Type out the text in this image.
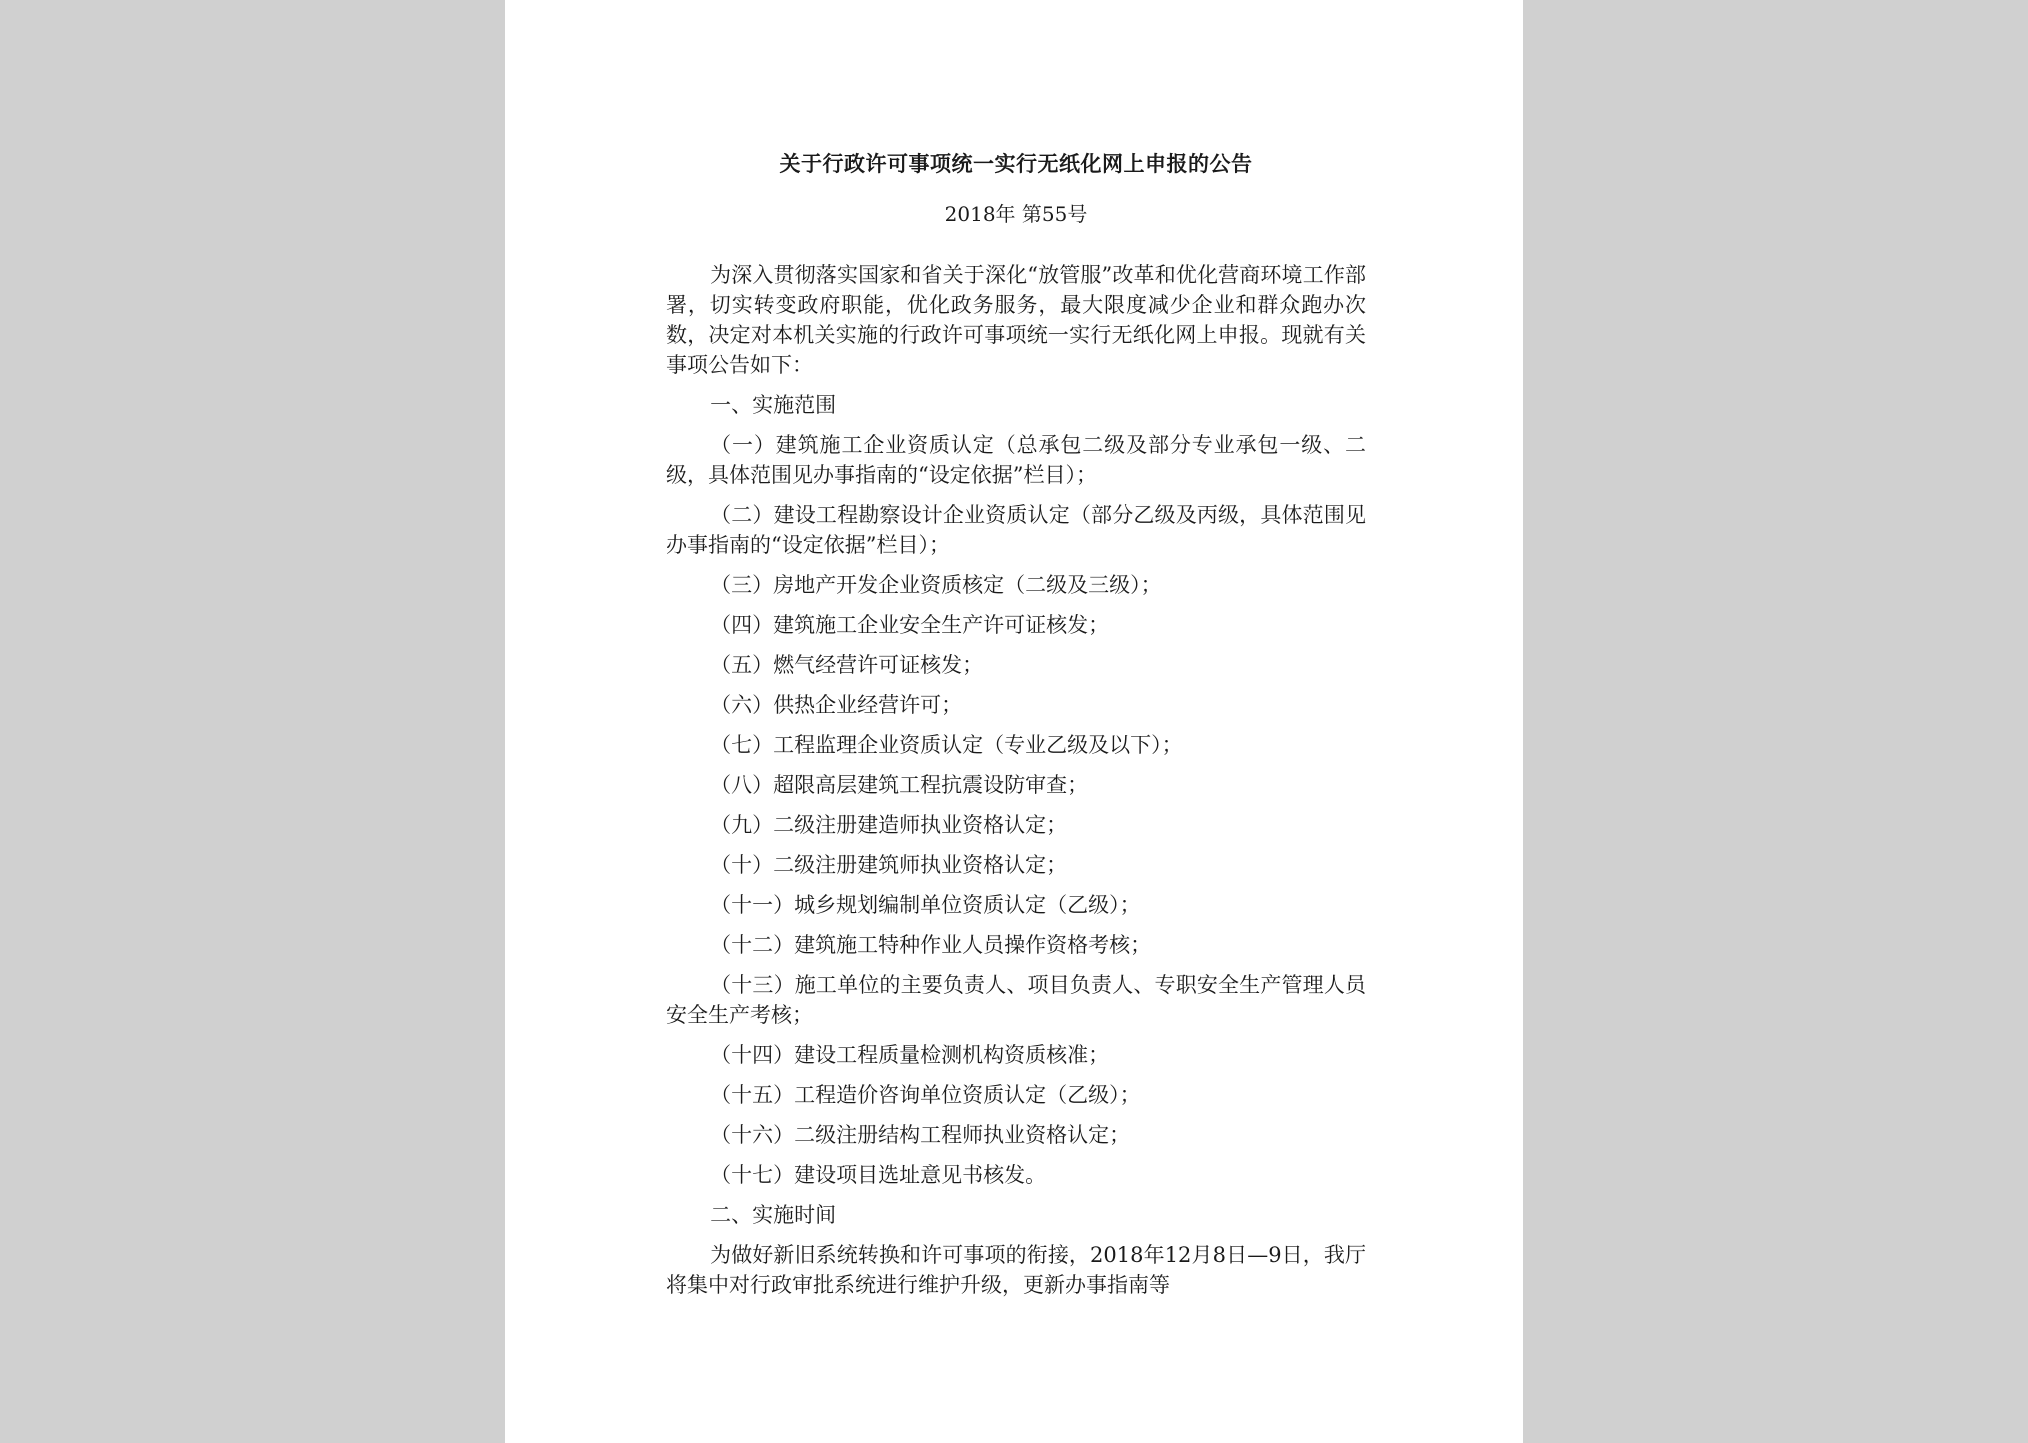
关于行政许可事项统一实行无纸化网上申报的公告
2018年 第55号
为深入贯彻落实国家和省关于深化“放管服”改革和优化营商环境工作部署，切实转变政府职能，优化政务服务，最大限度减少企业和群众跑办次数，决定对本机关实施的行政许可事项统一实行无纸化网上申报。现就有关事项公告如下：
一、实施范围
（一）建筑施工企业资质认定（总承包二级及部分专业承包一级、二级，具体范围见办事指南的“设定依据”栏目）；
（二）建设工程勘察设计企业资质认定（部分乙级及丙级，具体范围见办事指南的“设定依据”栏目）；
（三）房地产开发企业资质核定（二级及三级）；
（四）建筑施工企业安全生产许可证核发；
（五）燃气经营许可证核发；
（六）供热企业经营许可；
（七）工程监理企业资质认定（专业乙级及以下）；
（八）超限高层建筑工程抗震设防审查；
（九）二级注册建造师执业资格认定；
（十）二级注册建筑师执业资格认定；
（十一）城乡规划编制单位资质认定（乙级）；
（十二）建筑施工特种作业人员操作资格考核；
（十三）施工单位的主要负责人、项目负责人、专职安全生产管理人员安全生产考核；
（十四）建设工程质量检测机构资质核准；
（十五）工程造价咨询单位资质认定（乙级）；
（十六）二级注册结构工程师执业资格认定；
（十七）建设项目选址意见书核发。
二、实施时间
为做好新旧系统转换和许可事项的衔接，2018年12月8日—9日，我厅将集中对行政审批系统进行维护升级，更新办事指南等
